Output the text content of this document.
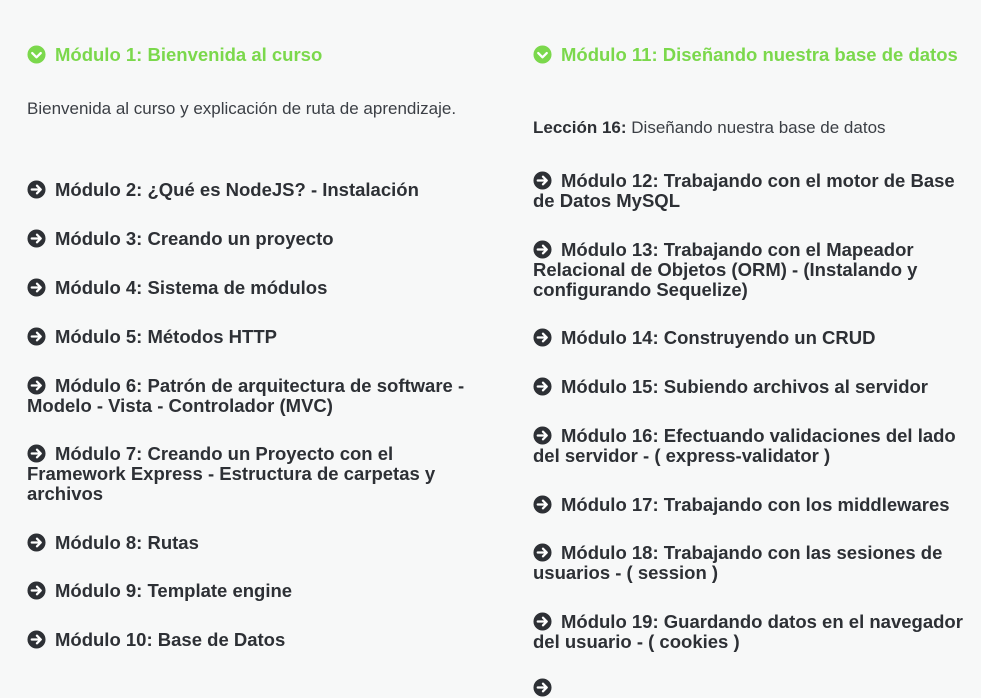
Módulo 1: Bienvenida al curso
Bienvenida al curso y explicación de ruta de aprendizaje.
Módulo 2: ¿Qué es NodeJS? - Instalación
Módulo 3: Creando un proyecto
Módulo 4: Sistema de módulos
Módulo 5: Métodos HTTP
Módulo 6: Patrón de arquitectura de software - Modelo - Vista - Controlador (MVC)
Módulo 7: Creando un Proyecto con el Framework Express - Estructura de carpetas y archivos
Módulo 8: Rutas
Módulo 9: Template engine
Módulo 10: Base de Datos
Módulo 11: Diseñando nuestra base de datos
Lección 16: Diseñando nuestra base de datos
Módulo 12: Trabajando con el motor de Base de Datos MySQL
Módulo 13: Trabajando con el Mapeador Relacional de Objetos (ORM) - (Instalando y configurando Sequelize)
Módulo 14: Construyendo un CRUD
Módulo 15: Subiendo archivos al servidor
Módulo 16: Efectuando validaciones del lado del servidor - ( express-validator )
Módulo 17: Trabajando con los middlewares
Módulo 18: Trabajando con las sesiones de usuarios - ( session )
Módulo 19: Guardando datos en el navegador del usuario - ( cookies )
